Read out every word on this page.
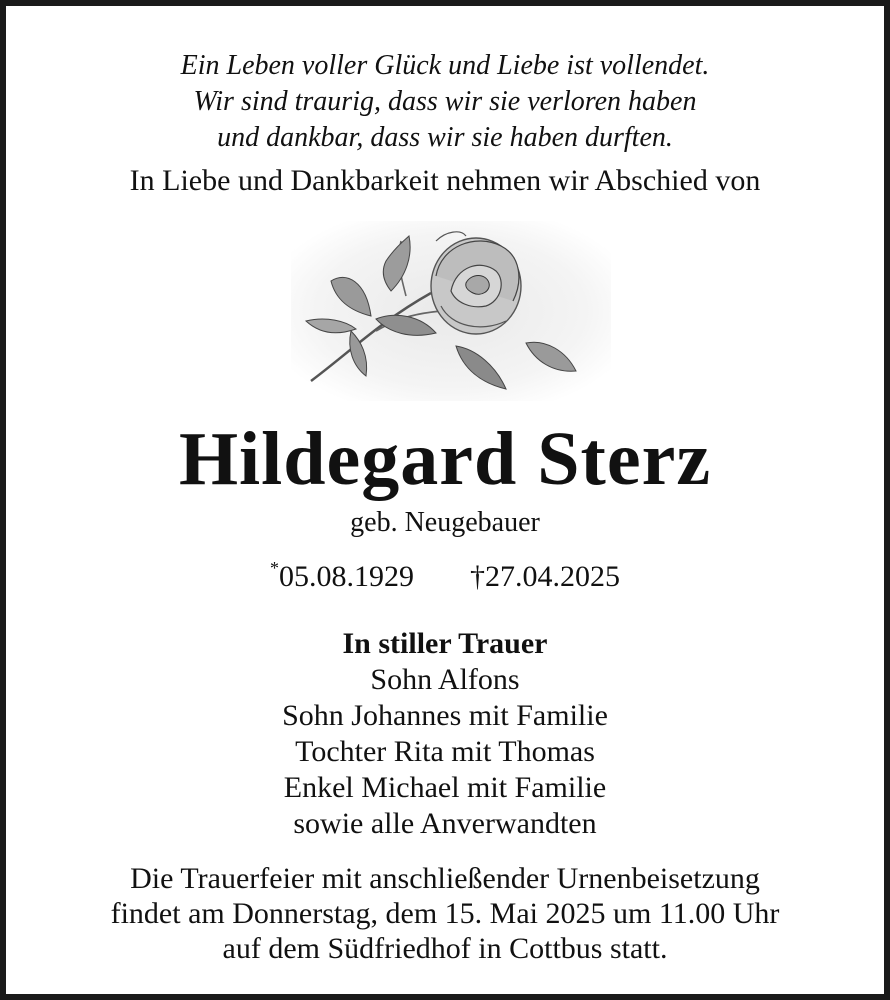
Ein Leben voller Glück und Liebe ist vollendet.
Wir sind traurig, dass wir sie verloren haben
und dankbar, dass wir sie haben durften.
In Liebe und Dankbarkeit nehmen wir Abschied von
Hildegard Sterz
geb. Neugebauer
*05.08.1929 †27.04.2025
In stiller Trauer
Sohn Alfons
Sohn Johannes mit Familie
Tochter Rita mit Thomas
Enkel Michael mit Familie
sowie alle Anverwandten
Die Trauerfeier mit anschließender Urnenbeisetzung
findet am Donnerstag, dem 15. Mai 2025 um 11.00 Uhr
auf dem Südfriedhof in Cottbus statt.
